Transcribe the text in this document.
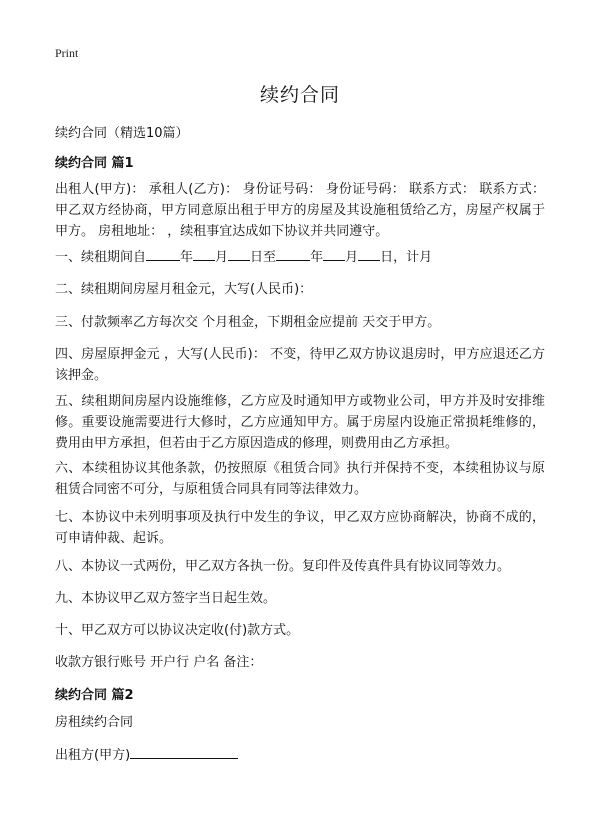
Print
续约合同

续约合同（精选10篇）

续约合同 篇1

出租人(甲方)： 承租人(乙方)： 身份证号码： 身份证号码： 联系方式： 联系方式：甲乙双方经协商，甲方同意原出租于甲方的房屋及其设施租赁给乙方，房屋产权属于甲方。 房租地址： ，续租事宜达成如下协议并共同遵守。

一、续租期间自	年 月 日至	年 月 日，计月

二、续租期间房屋月租金元，大写(人民币)：

三、付款频率乙方每次交 个月租金，下期租金应提前 天交于甲方。

四、房屋原押金元 ，大写(人民币)： 不变，待甲乙双方协议退房时，甲方应退还乙方该押金。

五、续租期间房屋内设施维修，乙方应及时通知甲方或物业公司，甲方并及时安排维修。重要设施需要进行大修时，乙方应通知甲方。属于房屋内设施正常损耗维修的，费用由甲方承担，但若由于乙方原因造成的修理，则费用由乙方承担。

六、本续租协议其他条款，仍按照原《租赁合同》执行并保持不变，本续租协议与原租赁合同密不可分，与原租赁合同具有同等法律效力。

七、本协议中未列明事项及执行中发生的争议，甲乙双方应协商解决，协商不成的，可申请仲裁、起诉。

八、本协议一式两份，甲乙双方各执一份。复印件及传真件具有协议同等效力。

九、本协议甲乙双方签字当日起生效。

十、甲乙双方可以协议决定收(付)款方式。

收款方银行账号 开户行 户名 备注：

续约合同 篇2

房租续约合同

出租方(甲方)
